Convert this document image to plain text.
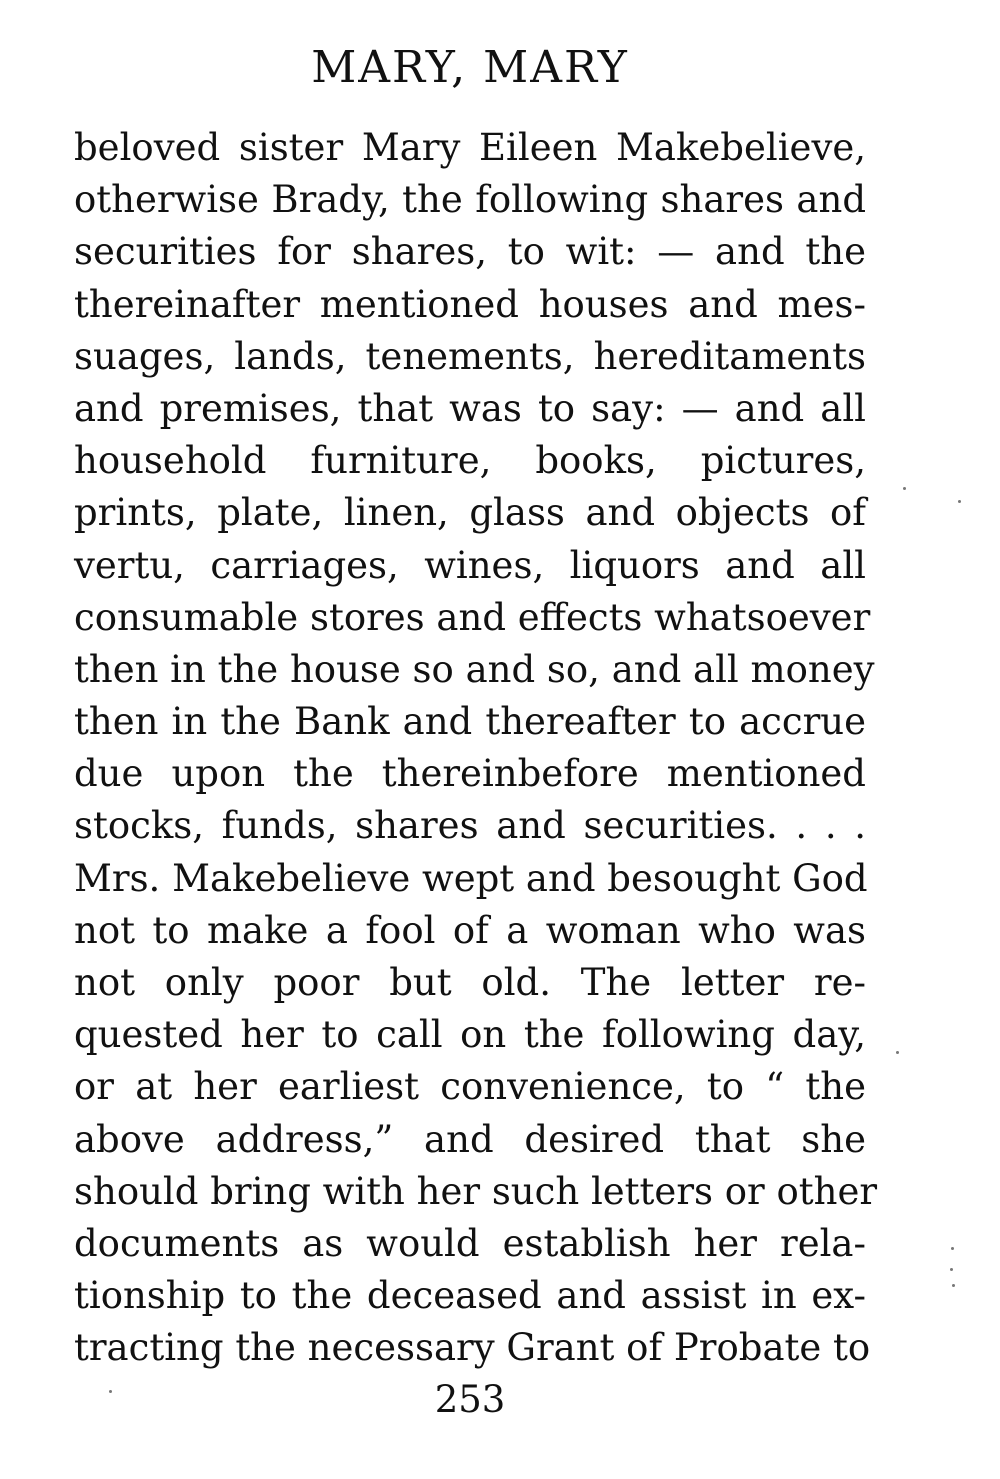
MARY, MARY
beloved sister Mary Eileen Makebelieve,
otherwise Brady, the following shares and
securities for shares, to wit: — and the
thereinafter mentioned houses and mes-
suages, lands, tenements, hereditaments
and premises, that was to say: — and all
household furniture, books, pictures,
prints, plate, linen, glass and objects of
vertu, carriages, wines, liquors and all
consumable stores and effects whatsoever
then in the house so and so, and all money
then in the Bank and thereafter to accrue
due upon the thereinbefore mentioned
stocks, funds, shares and securities. . . .
Mrs. Makebelieve wept and besought God
not to make a fool of a woman who was
not only poor but old. The letter re-
quested her to call on the following day,
or at her earliest convenience, to “ the
above address,” and desired that she
should bring with her such letters or other
documents as would establish her rela-
tionship to the deceased and assist in ex-
tracting the necessary Grant of Probate to
253
